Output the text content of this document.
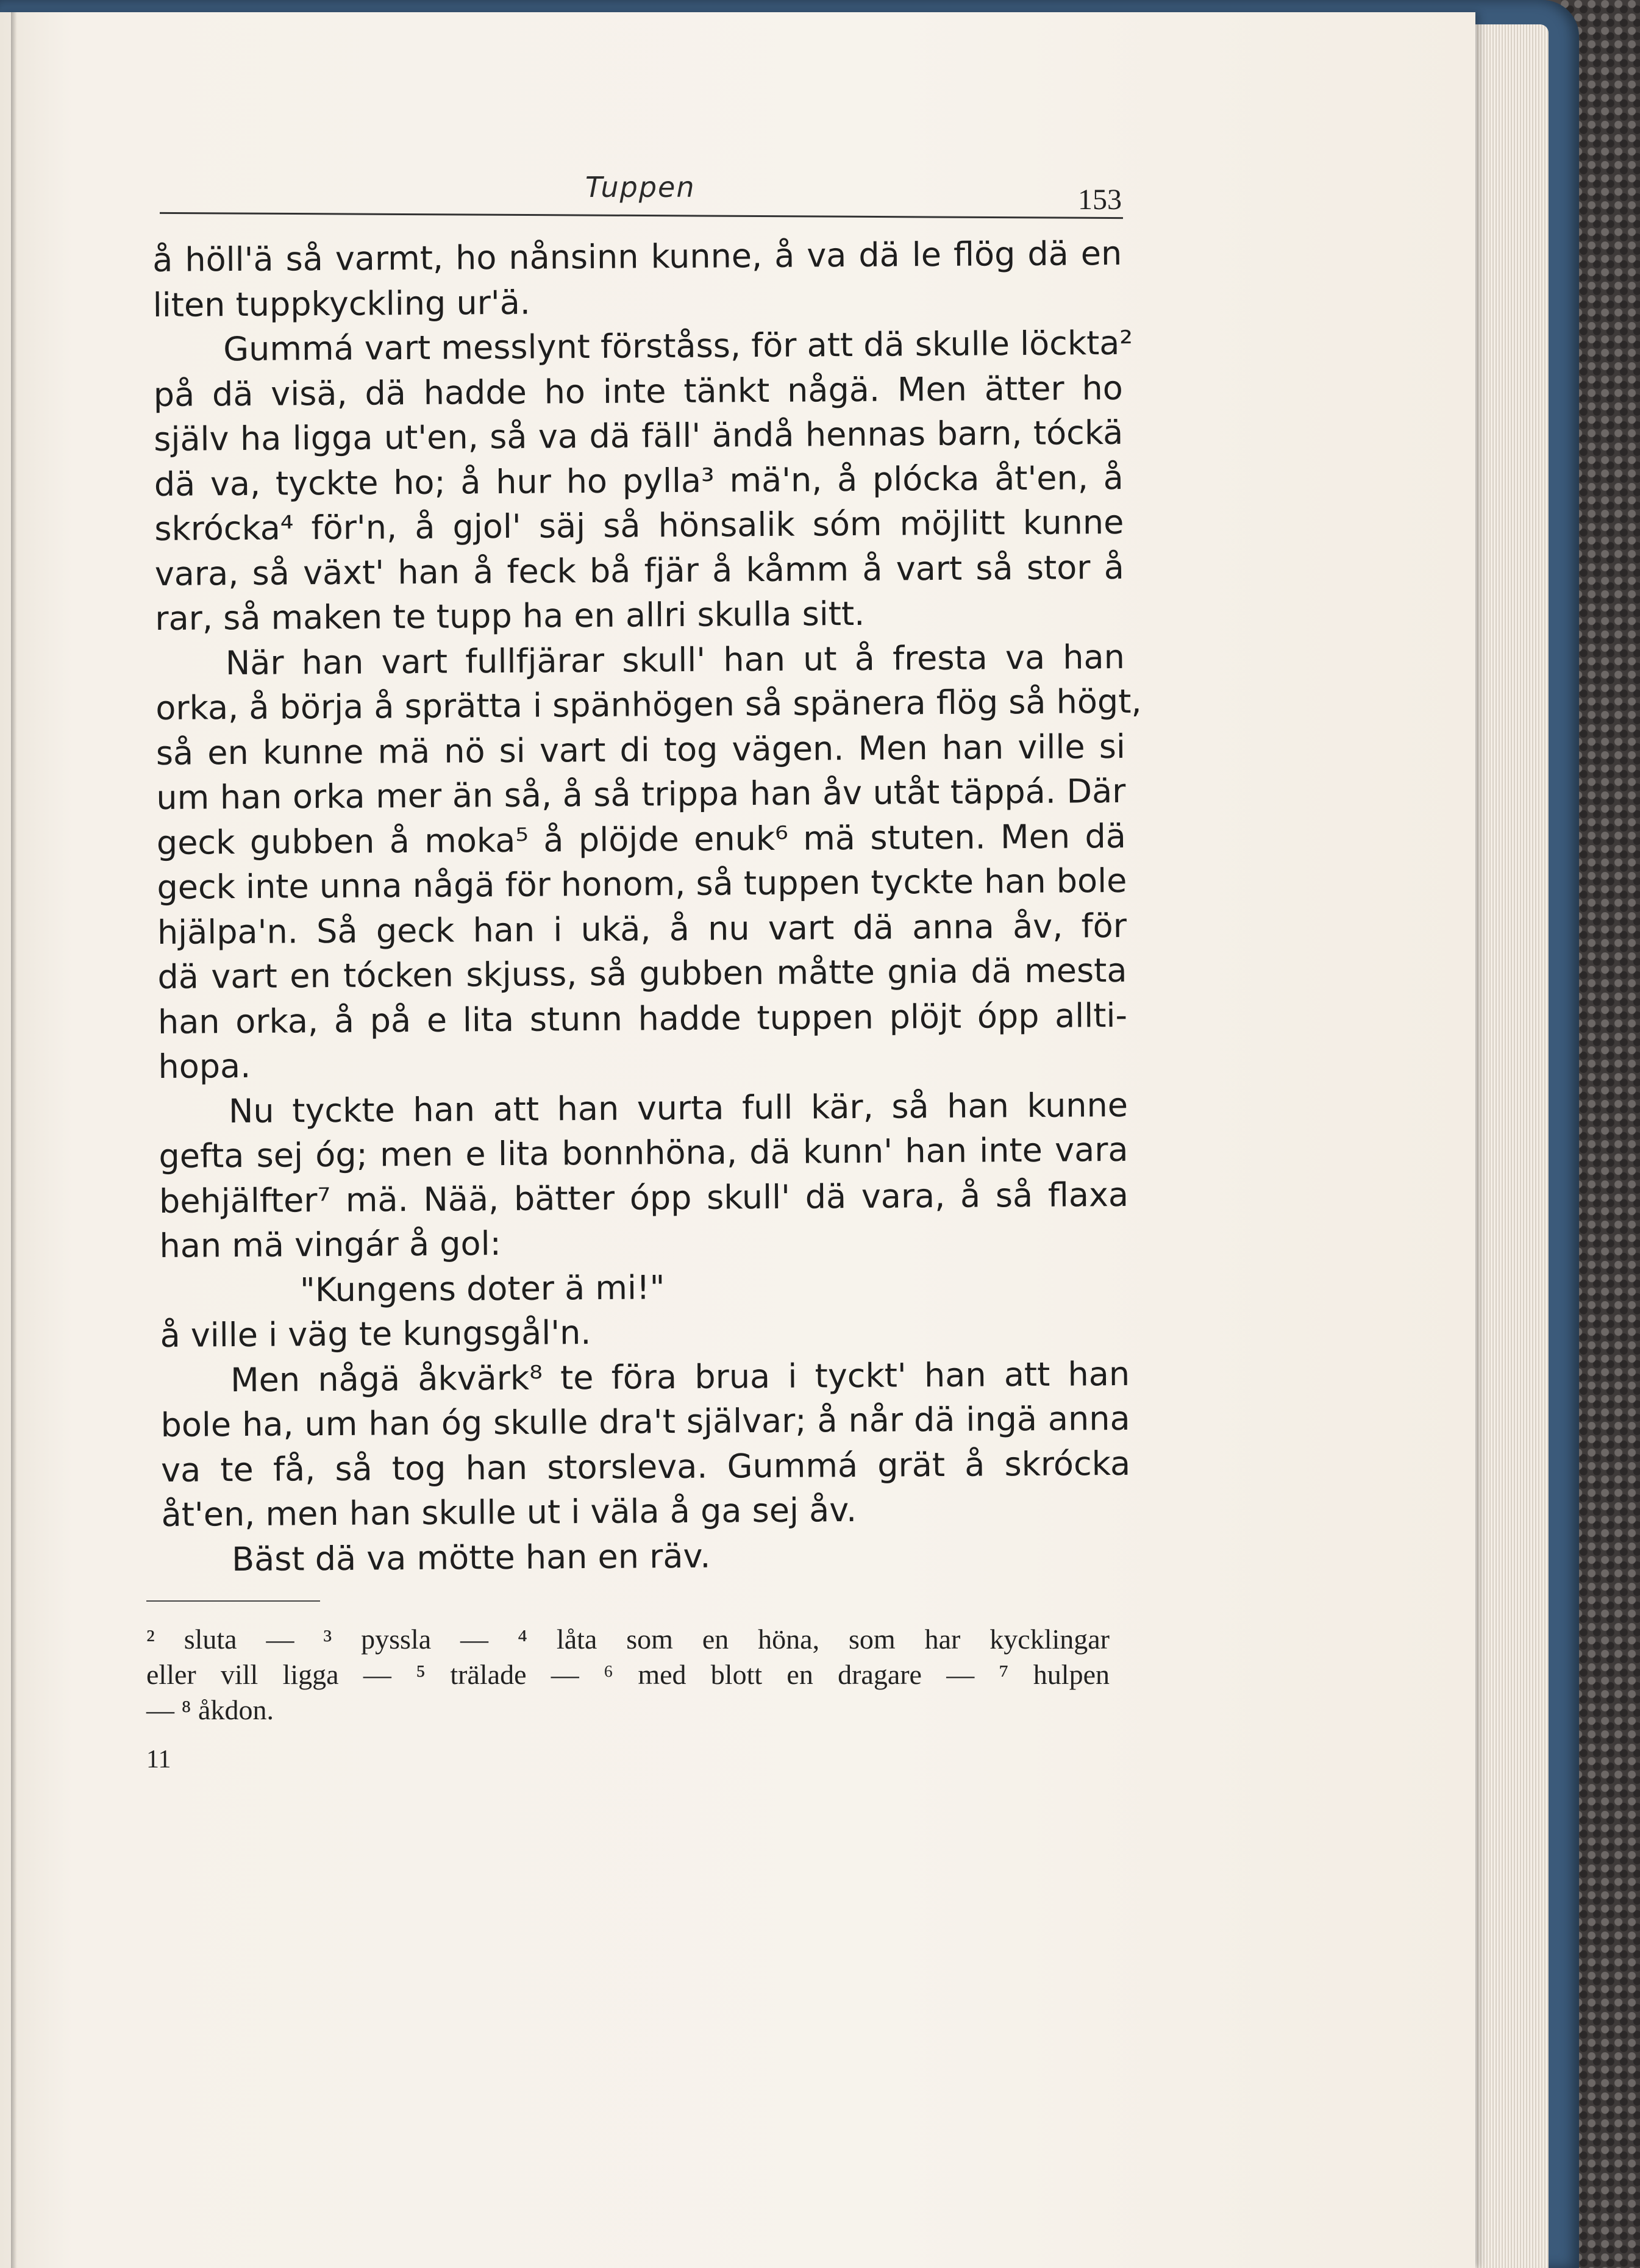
Tuppen	153
å höll'ä så varmt, ho nånsinn kunne, å va dä le flög dä en
liten tuppkyckling ur'ä.
Gummá vart messlynt förståss, för att dä skulle löckta²
på dä visä, dä hadde ho inte tänkt någä. Men ätter ho
själv ha ligga ut'en, så va dä fäll' ändå hennas barn, tóckä
dä va, tyckte ho; å hur ho pylla³ mä'n, å plócka åt'en, å
skrócka⁴ för'n, å gjol' säj så hönsalik sóm möjlitt kunne
vara, så växt' han å feck bå fjär å kåmm å vart så stor å
rar, så maken te tupp ha en allri skulla sitt.
När han vart fullfjärar skull' han ut å fresta va han
orka, å börja å sprätta i spänhögen så spänera flög så högt,
så en kunne mä nö si vart di tog vägen. Men han ville si
um han orka mer än så, å så trippa han åv utåt täppá. Där
geck gubben å moka⁵ å plöjde enuk⁶ mä stuten. Men dä
geck inte unna någä för honom, så tuppen tyckte han bole
hjälpa'n. Så geck han i ukä, å nu vart dä anna åv, för
dä vart en tócken skjuss, så gubben måtte gnia dä mesta
han orka, å på e lita stunn hadde tuppen plöjt ópp allti-
hopa.
Nu tyckte han att han vurta full kär, så han kunne
gefta sej óg; men e lita bonnhöna, dä kunn' han inte vara
behjälfter⁷ mä. Nää, bätter ópp skull' dä vara, å så flaxa
han mä vingár å gol:
"Kungens doter ä mi!"
å ville i väg te kungsgål'n.
Men någä åkvärk⁸ te föra brua i tyckt' han att han
bole ha, um han óg skulle dra't självar; å når dä ingä anna
va te få, så tog han storsleva. Gummá grät å skrócka
åt'en, men han skulle ut i väla å ga sej åv.
Bäst dä va mötte han en räv.
² sluta — ³ pyssla — ⁴ låta som en höna, som har kycklingar
eller vill ligga — ⁵ trälade — ⁶ med blott en dragare — ⁷ hulpen
— ⁸ åkdon.
11
